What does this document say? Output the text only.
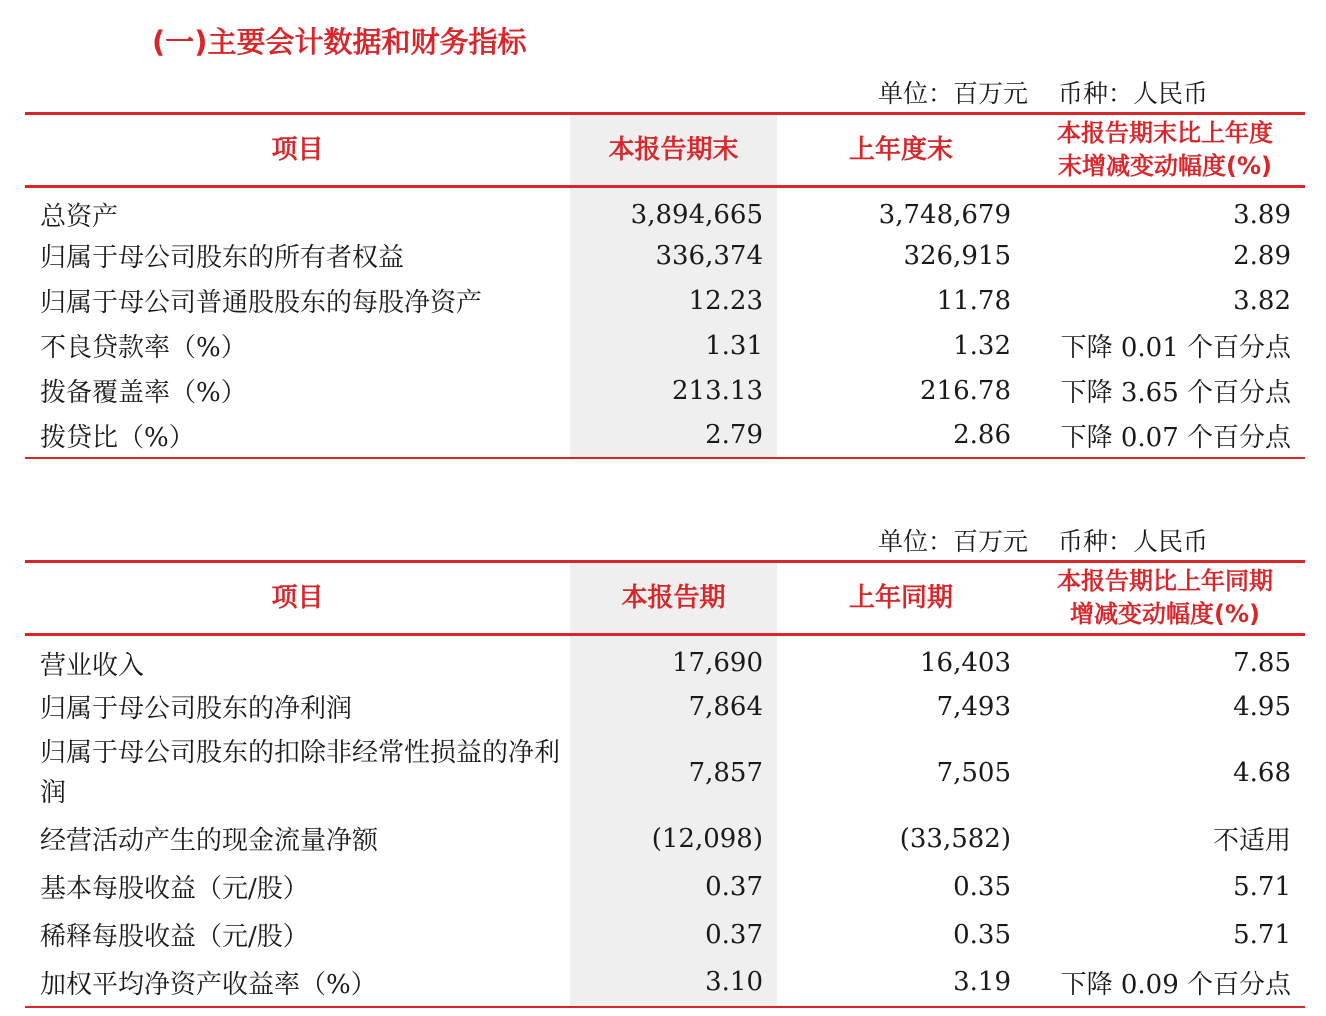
(一)主要会计数据和财务指标
单位：百万元 币种：人民币
项目	本报告期末	上年度末	本报告期末比上年度
末增减变动幅度(%)

总资产	3,894,665	3,748,679	3.89
归属于母公司股东的所有者权益	336,374	326,915	2.89
归属于母公司普通股股东的每股净资产	12.23	11.78	3.82
不良贷款率（%）	1.31	1.32	下降 0.01 个百分点
拨备覆盖率（%）	213.13	216.78	下降 3.65 个百分点
拨贷比（%）	2.79	2.86	下降 0.07 个百分点
单位：百万元 币种：人民币
项目	本报告期	上年同期	本报告期比上年同期
增减变动幅度(%)

营业收入	17,690	16,403	7.85
归属于母公司股东的净利润	7,864	7,493	4.95
归属于母公司股东的扣除非经常性损益的净利润	7,857	7,505	4.68
经营活动产生的现金流量净额	(12,098)	(33,582)	不适用
基本每股收益（元/股）	0.37	0.35	5.71
稀释每股收益（元/股）	0.37	0.35	5.71
加权平均净资产收益率（%）	3.10	3.19	下降 0.09 个百分点
